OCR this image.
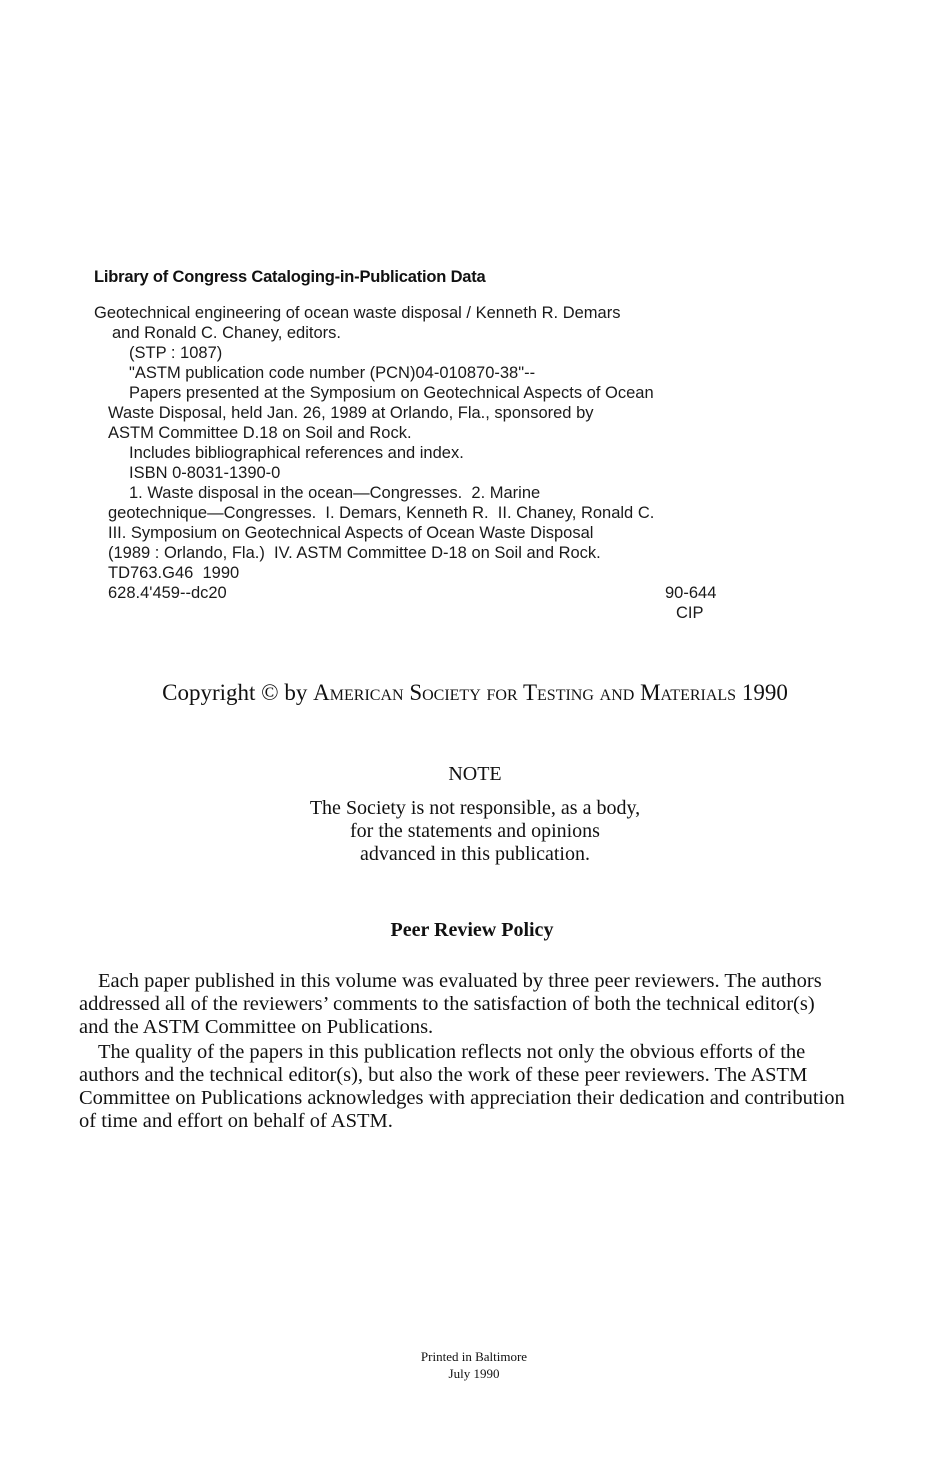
Library of Congress Cataloging-in-Publication Data
Geotechnical engineering of ocean waste disposal / Kenneth R. Demars
and Ronald C. Chaney, editors.
(STP : 1087)
"ASTM publication code number (PCN)04-010870-38"--
Papers presented at the Symposium on Geotechnical Aspects of Ocean
Waste Disposal, held Jan. 26, 1989 at Orlando, Fla., sponsored by
ASTM Committee D.18 on Soil and Rock.
Includes bibliographical references and index.
ISBN 0-8031-1390-0
1. Waste disposal in the ocean—Congresses.  2. Marine
geotechnique—Congresses.  I. Demars, Kenneth R.  II. Chaney, Ronald C.
III. Symposium on Geotechnical Aspects of Ocean Waste Disposal
(1989 : Orlando, Fla.)  IV. ASTM Committee D-18 on Soil and Rock.
TD763.G46  1990
628.4'459--dc20	90-644
CIP
Copyright © by American Society for Testing and Materials 1990
NOTE
The Society is not responsible, as a body,
for the statements and opinions
advanced in this publication.
Peer Review Policy
Each paper published in this volume was evaluated by three peer reviewers. The authors
addressed all of the reviewers’ comments to the satisfaction of both the technical editor(s)
and the ASTM Committee on Publications.
The quality of the papers in this publication reflects not only the obvious efforts of the
authors and the technical editor(s), but also the work of these peer reviewers. The ASTM
Committee on Publications acknowledges with appreciation their dedication and contribution
of time and effort on behalf of ASTM.
Printed in Baltimore
July 1990
